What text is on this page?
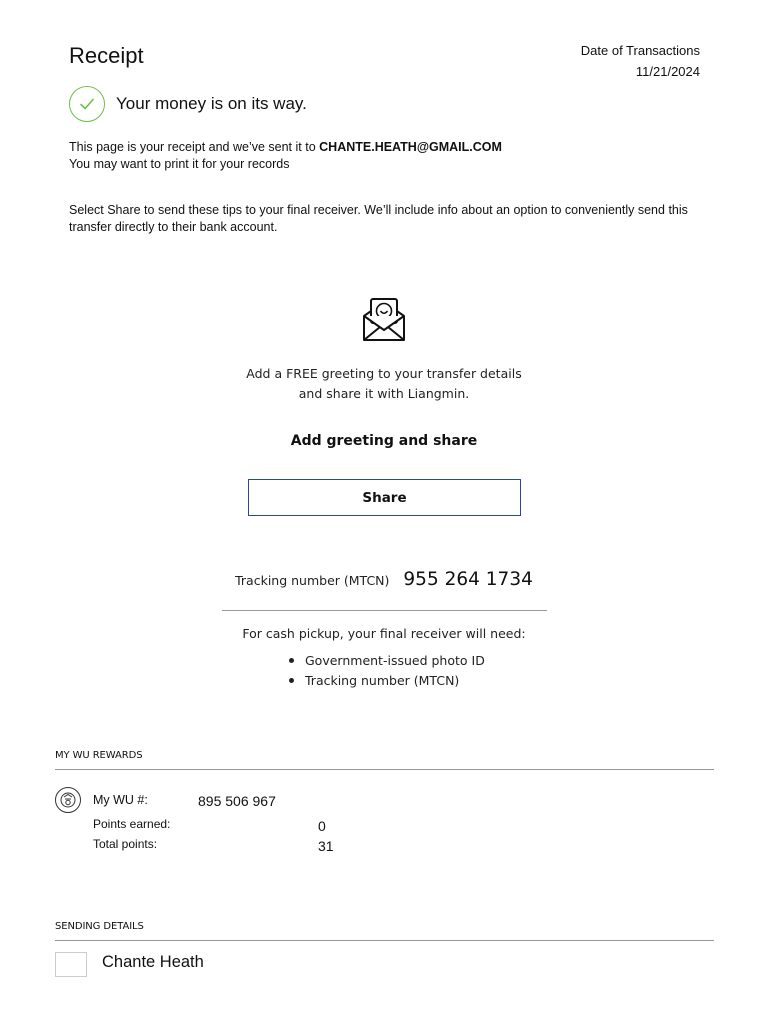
Receipt	Date of Transactions
11/21/2024
Your money is on its way.
This page is your receipt and we’ve sent it to CHANTE.HEATH@GMAIL.COM
You may want to print it for your records
Select Share to send these tips to your final receiver. We’ll include info about an option to conveniently send this transfer directly to their bank account.
Add a FREE greeting to your transfer details
and share it with Liangmin.
Add greeting and share
Share
Tracking number (MTCN) 955 264 1734
For cash pickup, your final receiver will need:
Government-issued photo ID
Tracking number (MTCN)
MY WU REWARDS
My WU #:	895 506 967
Points earned:	0
Total points:	31
SENDING DETAILS
Chante Heath
